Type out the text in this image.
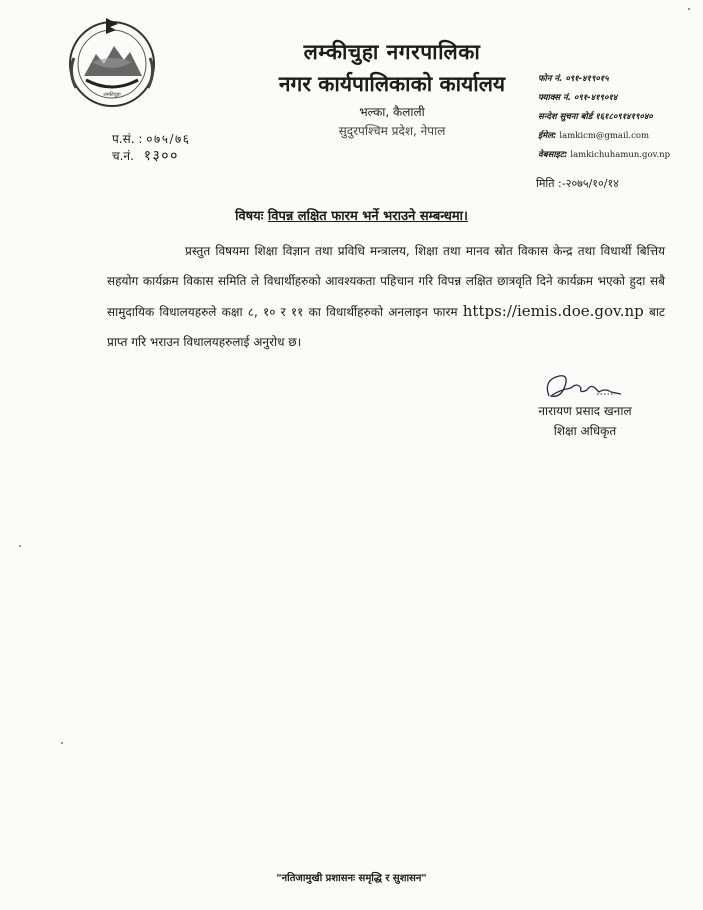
लम्कीचुहा
लम्कीचुहा नगरपालिका
नगर कार्यपालिकाको कार्यालय
भल्का, कैलाली
सुदुरपश्चिम प्रदेश, नेपाल
फोन नं. ०९१-४१९०१५
फ्याक्स नं. ०९१-४१९०१४
सन्देश सुचना बोर्ड १६१८०९१४१९०४०
ईमेल: lamkicm@gmail.com
वेबसाइट: lamkichuhamun.gov.np
प.सं. : ०७५/७६
च.नं. १३००
मिति :-२०७५/१०/१४
विषयः विपन्न लक्षित फारम भर्ने भराउने सम्बन्धमा।
प्रस्तुत विषयमा शिक्षा विज्ञान तथा प्रविधि मन्त्रालय, शिक्षा तथा मानव स्रोत विकास केन्द्र तथा विधार्थी बित्तिय सहयोग कार्यक्रम विकास समिति ले विधार्थीहरुको आवश्यकता पहिचान गरि विपन्न लक्षित छात्रवृति दिने कार्यक्रम भएको हुदा सबै सामुदायिक विधालयहरुले कक्षा ८, १० र ११ का विधार्थीहरुको अनलाइन फारम https://iemis.doe.gov.np बाट प्राप्त गरि भराउन विधालयहरुलाई अनुरोध छ।
नारायण प्रसाद खनाल
शिक्षा अधिकृत
"नतिजामुखी प्रशासनः समृद्धि र सुशासन"
